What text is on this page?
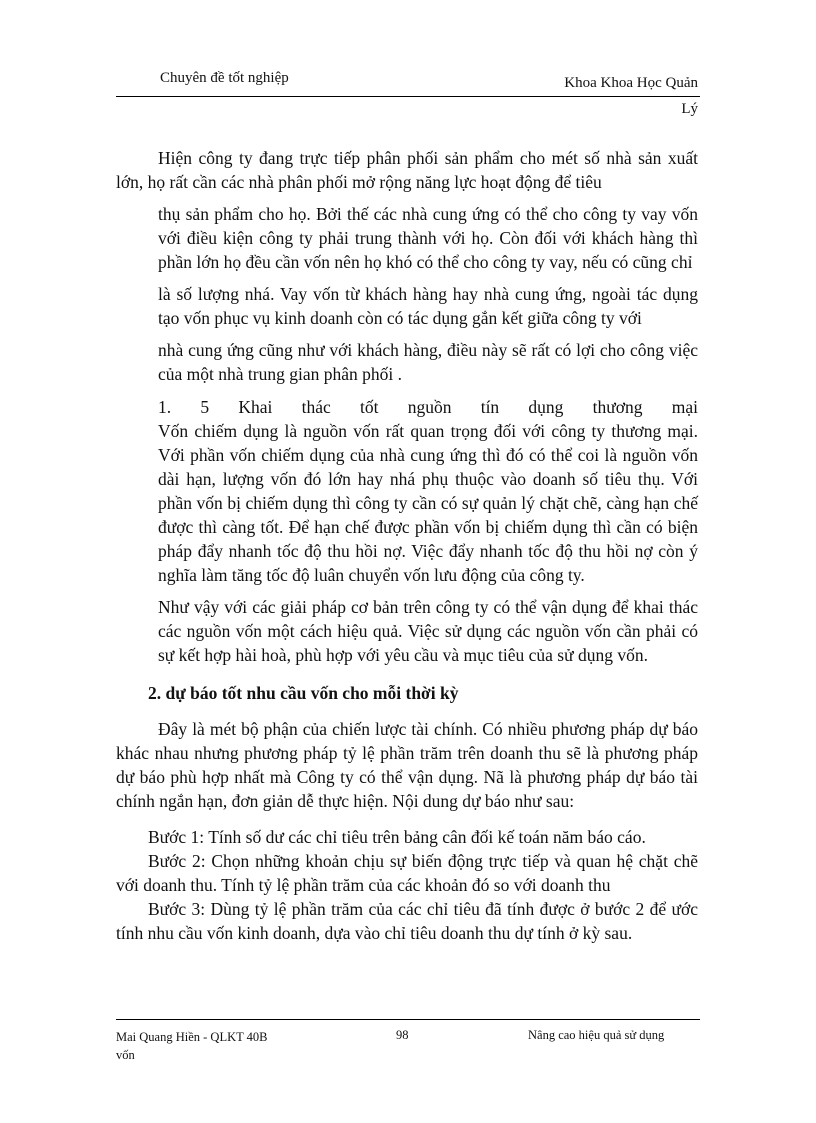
Chuyên đề tốt nghiệp	Khoa Khoa Học Quản
Lý

Hiện công ty đang trực tiếp phân phối sản phẩm cho mét số nhà sản xuất lớn, họ rất cần các nhà phân phối mở rộng năng lực hoạt động để tiêu

thụ sản phẩm cho họ. Bởi thế các nhà cung ứng có thể cho công ty vay vốn với điều kiện công ty phải trung thành với họ. Còn đối với khách hàng thì phần lớn họ đều cần vốn nên họ khó có thể cho công ty vay, nếu có cũng chỉ

là số lượng nhá. Vay vốn từ khách hàng hay nhà cung ứng, ngoài tác dụng tạo vốn phục vụ kinh doanh còn có tác dụng gắn kết giữa công ty với

nhà cung ứng cũng như với khách hàng, điều này sẽ rất có lợi cho công việc của một nhà trung gian phân phối .

1. 5 Khai thác tốt nguồn tín dụng thương mại

Vốn chiếm dụng là nguồn vốn rất quan trọng đối với công ty thương mại. Với phần vốn chiếm dụng của nhà cung ứng thì đó có thể coi là nguồn vốn dài hạn, lượng vốn đó lớn hay nhá phụ thuộc vào doanh số tiêu thụ. Với phần vốn bị chiếm dụng thì công ty cần có sự quản lý chặt chẽ, càng hạn chế được thì càng tốt. Để hạn chế được phần vốn bị chiếm dụng thì cần có biện pháp đẩy nhanh tốc độ thu hồi nợ. Việc đẩy nhanh tốc độ thu hồi nợ còn ý nghĩa làm tăng tốc độ luân chuyển vốn lưu động của công ty.

Như vậy với các giải pháp cơ bản trên công ty có thể vận dụng để khai thác các nguồn vốn một cách hiệu quả. Việc sử dụng các nguồn vốn cần phải có sự kết hợp hài hoà, phù hợp với yêu cầu và mục tiêu của sử dụng vốn.

2. dự báo tốt nhu cầu vốn cho mỗi thời kỳ

Đây là mét bộ phận của chiến lược tài chính. Có nhiều phương pháp dự báo khác nhau nhưng phương pháp tỷ lệ phần trăm trên doanh thu sẽ là phương pháp dự báo phù hợp nhất mà Công ty có thể vận dụng. Nã là phương pháp dự báo tài chính ngắn hạn, đơn giản dễ thực hiện. Nội dung dự báo như sau:

Bước 1: Tính số dư các chỉ tiêu trên bảng cân đối kế toán năm báo cáo.

Bước 2: Chọn những khoản chịu sự biến động trực tiếp và quan hệ chặt chẽ với doanh thu. Tính tỷ lệ phần trăm của các khoản đó so với doanh thu

Bước 3: Dùng tỷ lệ phần trăm của các chỉ tiêu đã tính được ở bước 2 để ước tính nhu cầu vốn kinh doanh, dựa vào chỉ tiêu doanh thu dự tính ở kỳ sau.

Mai Quang Hiền - QLKT 40B
vốn
98	Nâng cao hiệu quả sử dụng
